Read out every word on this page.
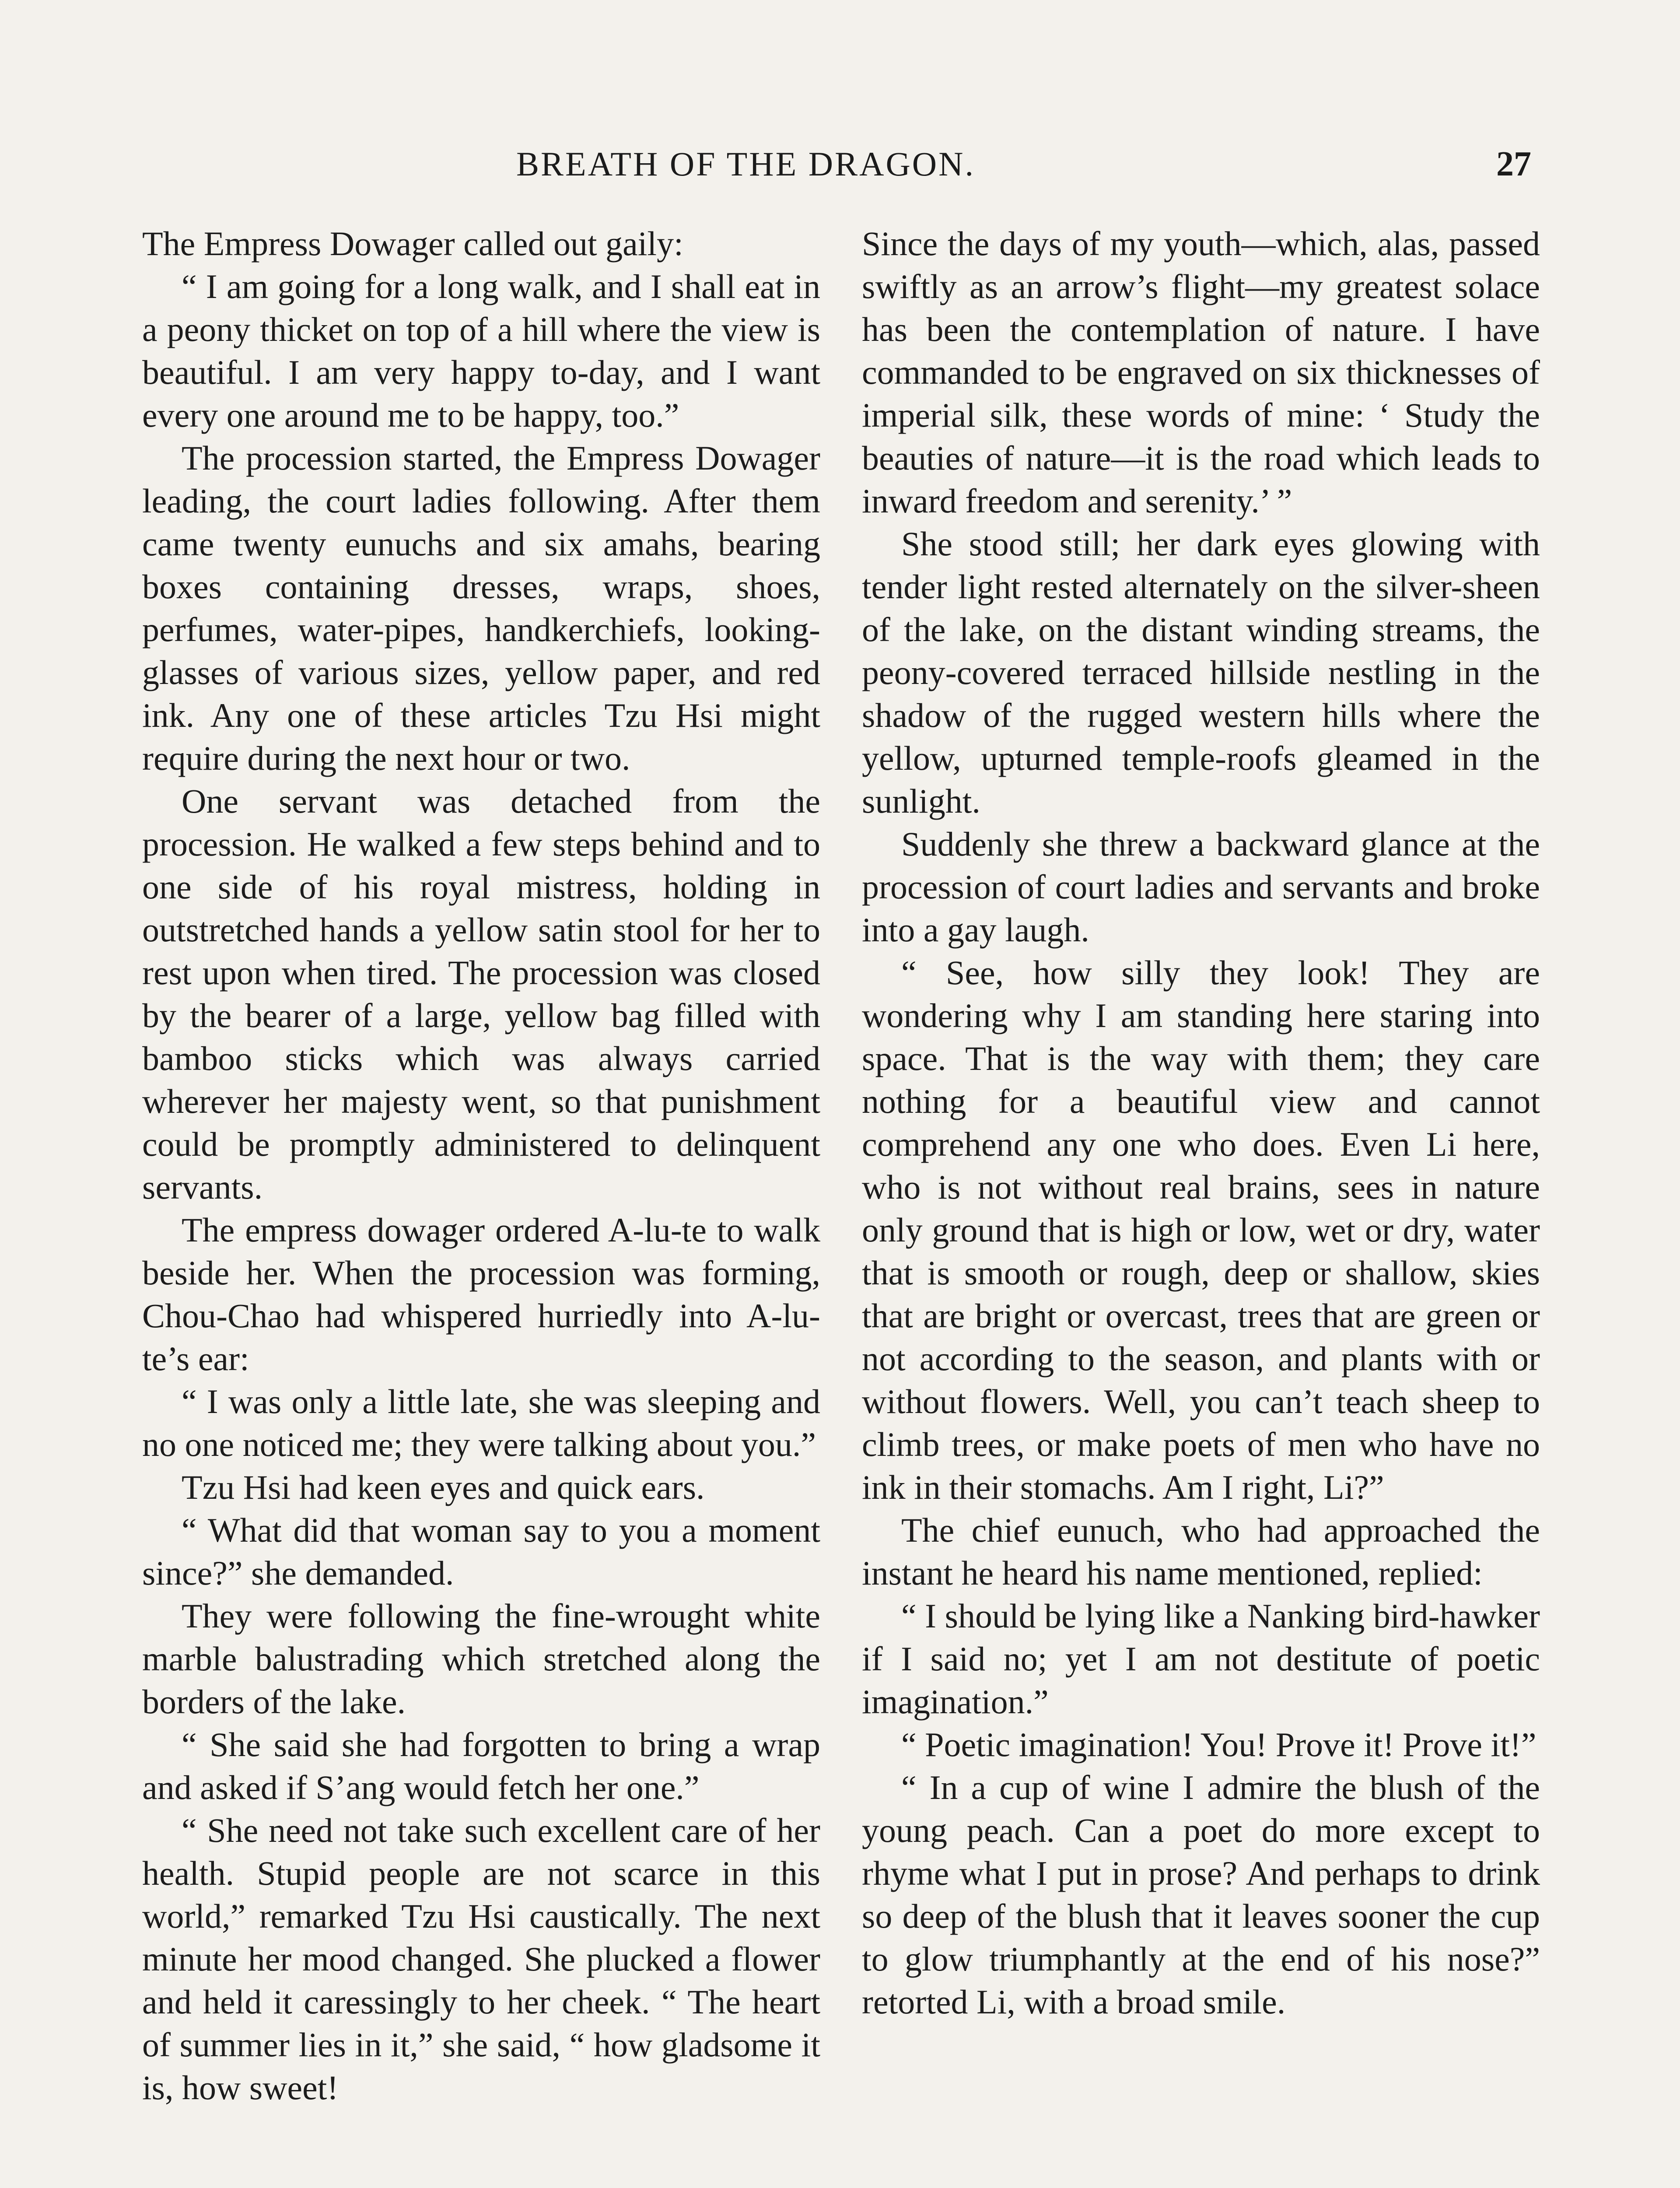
BREATH OF THE DRAGON.	27

The Empress Dowager called out gaily:

“ I am going for a long walk, and I shall eat in a peony thicket on top of a hill where the view is beautiful. I am very happy to-day, and I want every one around me to be happy, too.”

The procession started, the Empress Dowager leading, the court ladies following. After them came twenty eunuchs and six amahs, bearing boxes containing dresses, wraps, shoes, perfumes, water-pipes, handkerchiefs, looking-glasses of various sizes, yellow paper, and red ink. Any one of these articles Tzu Hsi might require during the next hour or two.

One servant was detached from the procession. He walked a few steps behind and to one side of his royal mistress, holding in outstretched hands a yellow satin stool for her to rest upon when tired. The procession was closed by the bearer of a large, yellow bag filled with bamboo sticks which was always carried wherever her majesty went, so that punishment could be promptly administered to delinquent servants.

The empress dowager ordered A-lu-te to walk beside her. When the procession was forming, Chou-Chao had whispered hurriedly into A-lu-te’s ear:

“ I was only a little late, she was sleeping and no one noticed me; they were talking about you.”

Tzu Hsi had keen eyes and quick ears.

“ What did that woman say to you a moment since?” she demanded.

They were following the fine-wrought white marble balustrading which stretched along the borders of the lake.

“ She said she had forgotten to bring a wrap and asked if S’ang would fetch her one.”

“ She need not take such excellent care of her health. Stupid people are not scarce in this world,” remarked Tzu Hsi caustically. The next minute her mood changed. She plucked a flower and held it caressingly to her cheek. “ The heart of summer lies in it,” she said, “ how gladsome it is, how sweet!

Since the days of my youth—which, alas, passed swiftly as an arrow’s flight—my greatest solace has been the contemplation of nature. I have commanded to be engraved on six thicknesses of imperial silk, these words of mine: ‘ Study the beauties of nature—it is the road which leads to inward freedom and serenity.’ ”

She stood still; her dark eyes glowing with tender light rested alternately on the silver-sheen of the lake, on the distant winding streams, the peony-covered terraced hillside nestling in the shadow of the rugged western hills where the yellow, upturned temple-roofs gleamed in the sunlight.

Suddenly she threw a backward glance at the procession of court ladies and servants and broke into a gay laugh.

“ See, how silly they look! They are wondering why I am standing here staring into space. That is the way with them; they care nothing for a beautiful view and cannot comprehend any one who does. Even Li here, who is not without real brains, sees in nature only ground that is high or low, wet or dry, water that is smooth or rough, deep or shallow, skies that are bright or overcast, trees that are green or not according to the season, and plants with or without flowers. Well, you can’t teach sheep to climb trees, or make poets of men who have no ink in their stomachs. Am I right, Li?”

The chief eunuch, who had approached the instant he heard his name mentioned, replied:

“ I should be lying like a Nanking bird-hawker if I said no; yet I am not destitute of poetic imagination.”

“ Poetic imagination! You! Prove it! Prove it!”

“ In a cup of wine I admire the blush of the young peach. Can a poet do more except to rhyme what I put in prose? And perhaps to drink so deep of the blush that it leaves sooner the cup to glow triumphantly at the end of his nose?” retorted Li, with a broad smile.
